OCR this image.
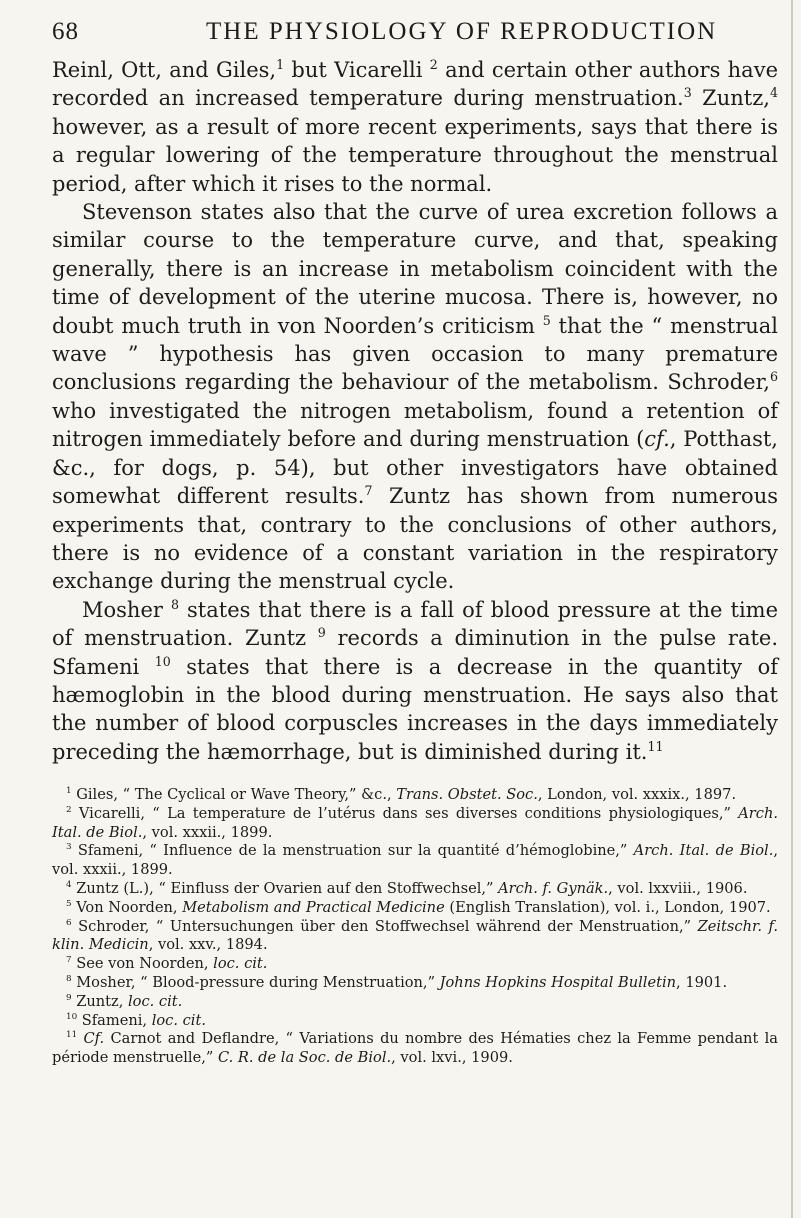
68	THE PHYSIOLOGY OF REPRODUCTION

Reinl, Ott, and Giles,$^1$ but Vicarelli $^2$ and certain other authors have recorded an increased temperature during menstruation.$^3$ Zuntz,$^4$ however, as a result of more recent experiments, says that there is a regular lowering of the temperature throughout the menstrual period, after which it rises to the normal.

Stevenson states also that the curve of urea excretion follows a similar course to the temperature curve, and that, speaking generally, there is an increase in metabolism coincident with the time of development of the uterine mucosa. There is, however, no doubt much truth in von Noorden’s criticism $^5$ that the “ menstrual wave ” hypothesis has given occasion to many premature conclusions regarding the behaviour of the metabolism. Schroder,$^6$ who investigated the nitrogen metabolism, found a retention of nitrogen immediately before and during menstruation (cf., Potthast, &c., for dogs, p. 54), but other investigators have obtained somewhat different results.$^7$ Zuntz has shown from numerous experiments that, contrary to the conclusions of other authors, there is no evidence of a constant variation in the respiratory exchange during the menstrual cycle.

Mosher $^8$ states that there is a fall of blood pressure at the time of menstruation. Zuntz $^9$ records a diminution in the pulse rate. Sfameni $^{10}$ states that there is a decrease in the quantity of hæmoglobin in the blood during menstruation. He says also that the number of blood corpuscles increases in the days immediately preceding the hæmorrhage, but is diminished during it.$^{11}$

$^1$ Giles, “ The Cyclical or Wave Theory,” &c., Trans. Obstet. Soc., London, vol. xxxix., 1897.

$^2$ Vicarelli, “ La temperature de l’utérus dans ses diverses conditions physiologiques,” Arch. Ital. de Biol., vol. xxxii., 1899.

$^3$ Sfameni, “ Influence de la menstruation sur la quantité d’hémoglobine,” Arch. Ital. de Biol., vol. xxxii., 1899.

$^4$ Zuntz (L.), “ Einfluss der Ovarien auf den Stoffwechsel,” Arch. f. Gynäk., vol. lxxviii., 1906.

$^5$ Von Noorden, Metabolism and Practical Medicine (English Translation), vol. i., London, 1907.

$^6$ Schroder, “ Untersuchungen über den Stoffwechsel während der Menstruation,” Zeitschr. f. klin. Medicin, vol. xxv., 1894.

$^7$ See von Noorden, loc. cit.

$^8$ Mosher, “ Blood-pressure during Menstruation,” Johns Hopkins Hospital Bulletin, 1901.

$^9$ Zuntz, loc. cit.

$^{10}$ Sfameni, loc. cit.

$^{11}$ Cf. Carnot and Deflandre, “ Variations du nombre des Hématies chez la Femme pendant la période menstruelle,” C. R. de la Soc. de Biol., vol. lxvi., 1909.
